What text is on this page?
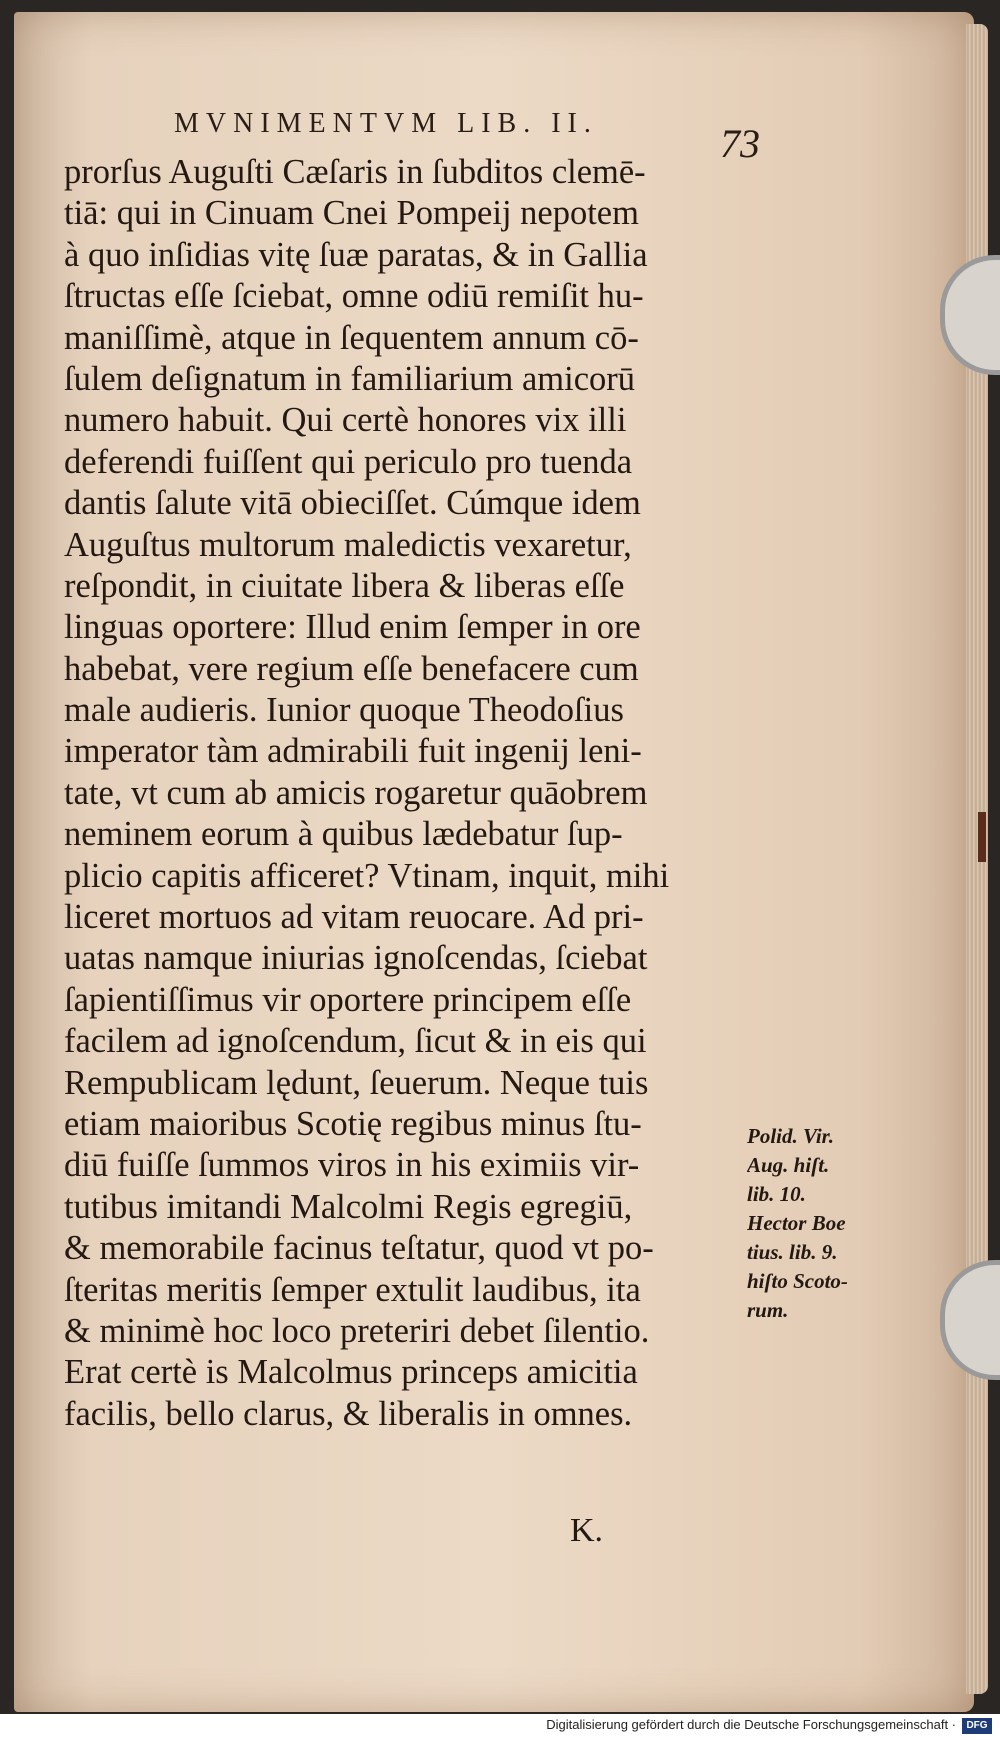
MVNIMENTVM LIB. II.	73
prorſus Auguſti Cæſaris in ſubditos clemē-
tiā: qui in Cinuam Cnei Pompeij nepotem
à quo inſidias vitę ſuæ paratas, & in Gallia
ſtructas eſſe ſciebat, omne odiū remiſit hu-
maniſſimè, atque in ſequentem annum cō-
ſulem deſignatum in familiarium amicorū
numero habuit. Qui certè honores vix illi
deferendi fuiſſent qui periculo pro tuenda
dantis ſalute vitā obieciſſet. Cúmque idem
Auguſtus multorum maledictis vexaretur,
reſpondit, in ciuitate libera & liberas eſſe
linguas oportere: Illud enim ſemper in ore
habebat, vere regium eſſe benefacere cum
male audieris. Iunior quoque Theodoſius
imperator tàm admirabili fuit ingenij leni-
tate, vt cum ab amicis rogaretur quāobrem
neminem eorum à quibus lædebatur ſup-
plicio capitis afficeret? Vtinam, inquit, mihi
liceret mortuos ad vitam reuocare. Ad pri-
uatas namque iniurias ignoſcendas, ſciebat
ſapientiſſimus vir oportere principem eſſe
facilem ad ignoſcendum, ſicut & in eis qui
Rempublicam lędunt, ſeuerum. Neque tuis
etiam maioribus Scotię regibus minus ſtu-
diū fuiſſe ſummos viros in his eximiis vir-
tutibus imitandi Malcolmi Regis egregiū,
& memorabile facinus teſtatur, quod vt po-
ſteritas meritis ſemper extulit laudibus, ita
& minimè hoc loco preteriri debet ſilentio.
Erat certè is Malcolmus princeps amicitia
facilis, bello clarus, & liberalis in omnes.
Polid. Vir.
Aug. hiſt.
lib. 10.
Hector Boe
tius. lib. 9.
hiſto Scoto-
rum.
K.
Digitalisierung gefördert durch die Deutsche Forschungsgemeinschaft ·	DFG
